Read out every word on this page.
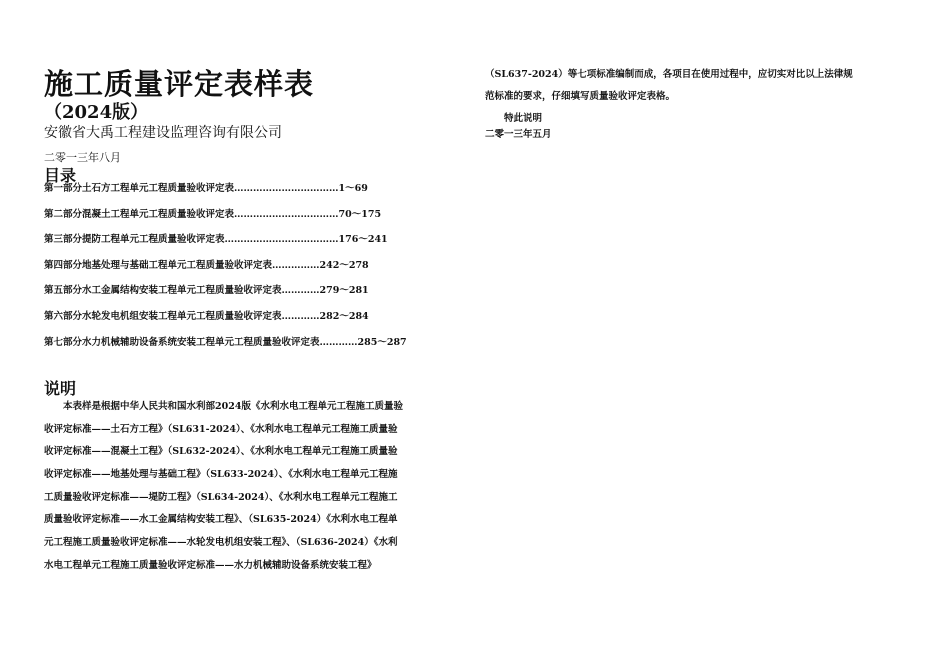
施工质量评定表样表
（2024版）
安徽省大禹工程建设监理咨询有限公司
二零一三年八月
目录
第一部分土石方工程单元工程质量验收评定表……………………………1～69
第二部分混凝土工程单元工程质量验收评定表……………………………70～175
第三部分提防工程单元工程质量验收评定表………………………………176～241
第四部分地基处理与基础工程单元工程质量验收评定表……………242～278
第五部分水工金属结构安装工程单元工程质量验收评定表…………279～281
第六部分水轮发电机组安装工程单元工程质量验收评定表…………282～284
第七部分水力机械辅助设备系统安装工程单元工程质量验收评定表…………285～287
说明
　　本表样是根据中华人民共和国水利部2024版《水利水电工程单元工程施工质量验
收评定标准——土石方工程》（SL631-2024）、《水利水电工程单元工程施工质量验
收评定标准——混凝土工程》（SL632-2024）、《水利水电工程单元工程施工质量验
收评定标准——地基处理与基础工程》（SL633-2024）、《水利水电工程单元工程施
工质量验收评定标准——堤防工程》（SL634-2024）、《水利水电工程单元工程施工
质量验收评定标准——水工金属结构安装工程》、（SL635-2024）《水利水电工程单
元工程施工质量验收评定标准——水轮发电机组安装工程》、（SL636-2024）《水利
水电工程单元工程施工质量验收评定标准——水力机械辅助设备系统安装工程》
（SL637-2024）等七项标准编制而成，各项目在使用过程中，应切实对比以上法律规
范标准的要求，仔细填写质量验收评定表格。
　　特此说明
二零一三年五月
